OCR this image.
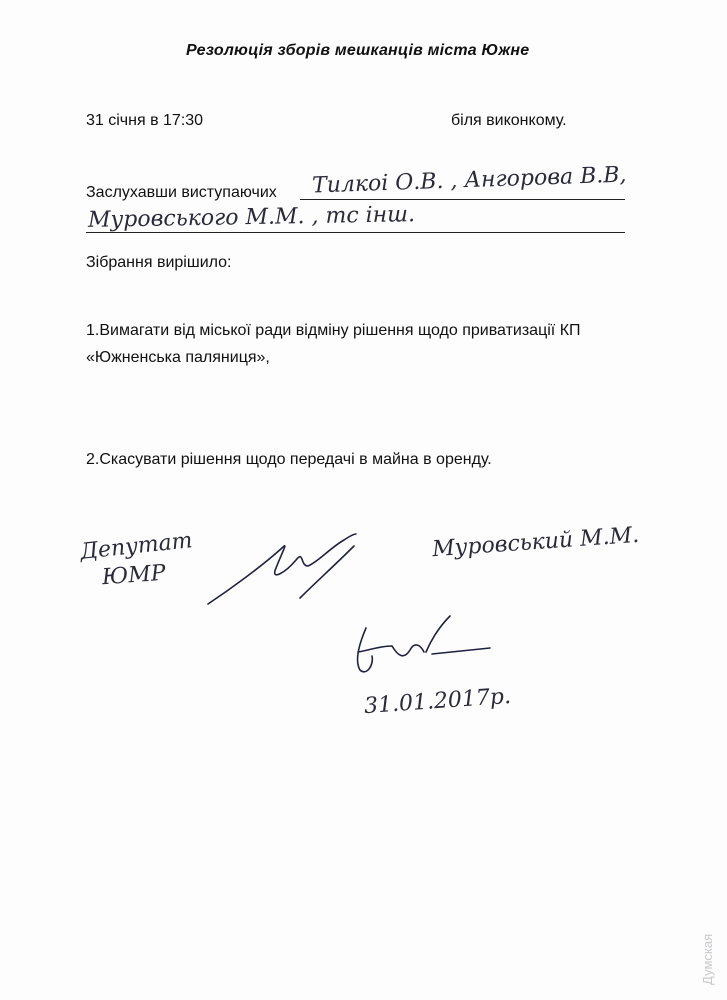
Резолюція зборів мешканців міста Южне
31 січня в 17:30	біля виконкому.
Заслухавши виступаючих Тилкоі О.В. , Ангорова В.В,
Муровського М.М. , тс інш.
Зібрання вирішило:
1.Вимагати від міської ради відміну рішення щодо приватизації КП
«Южненська паляниця»,
2.Скасувати рішення щодо передачі в майна в оренду.
Депутат
ЮМР
Муровський М.М.
31.01.2017р.
Думская
